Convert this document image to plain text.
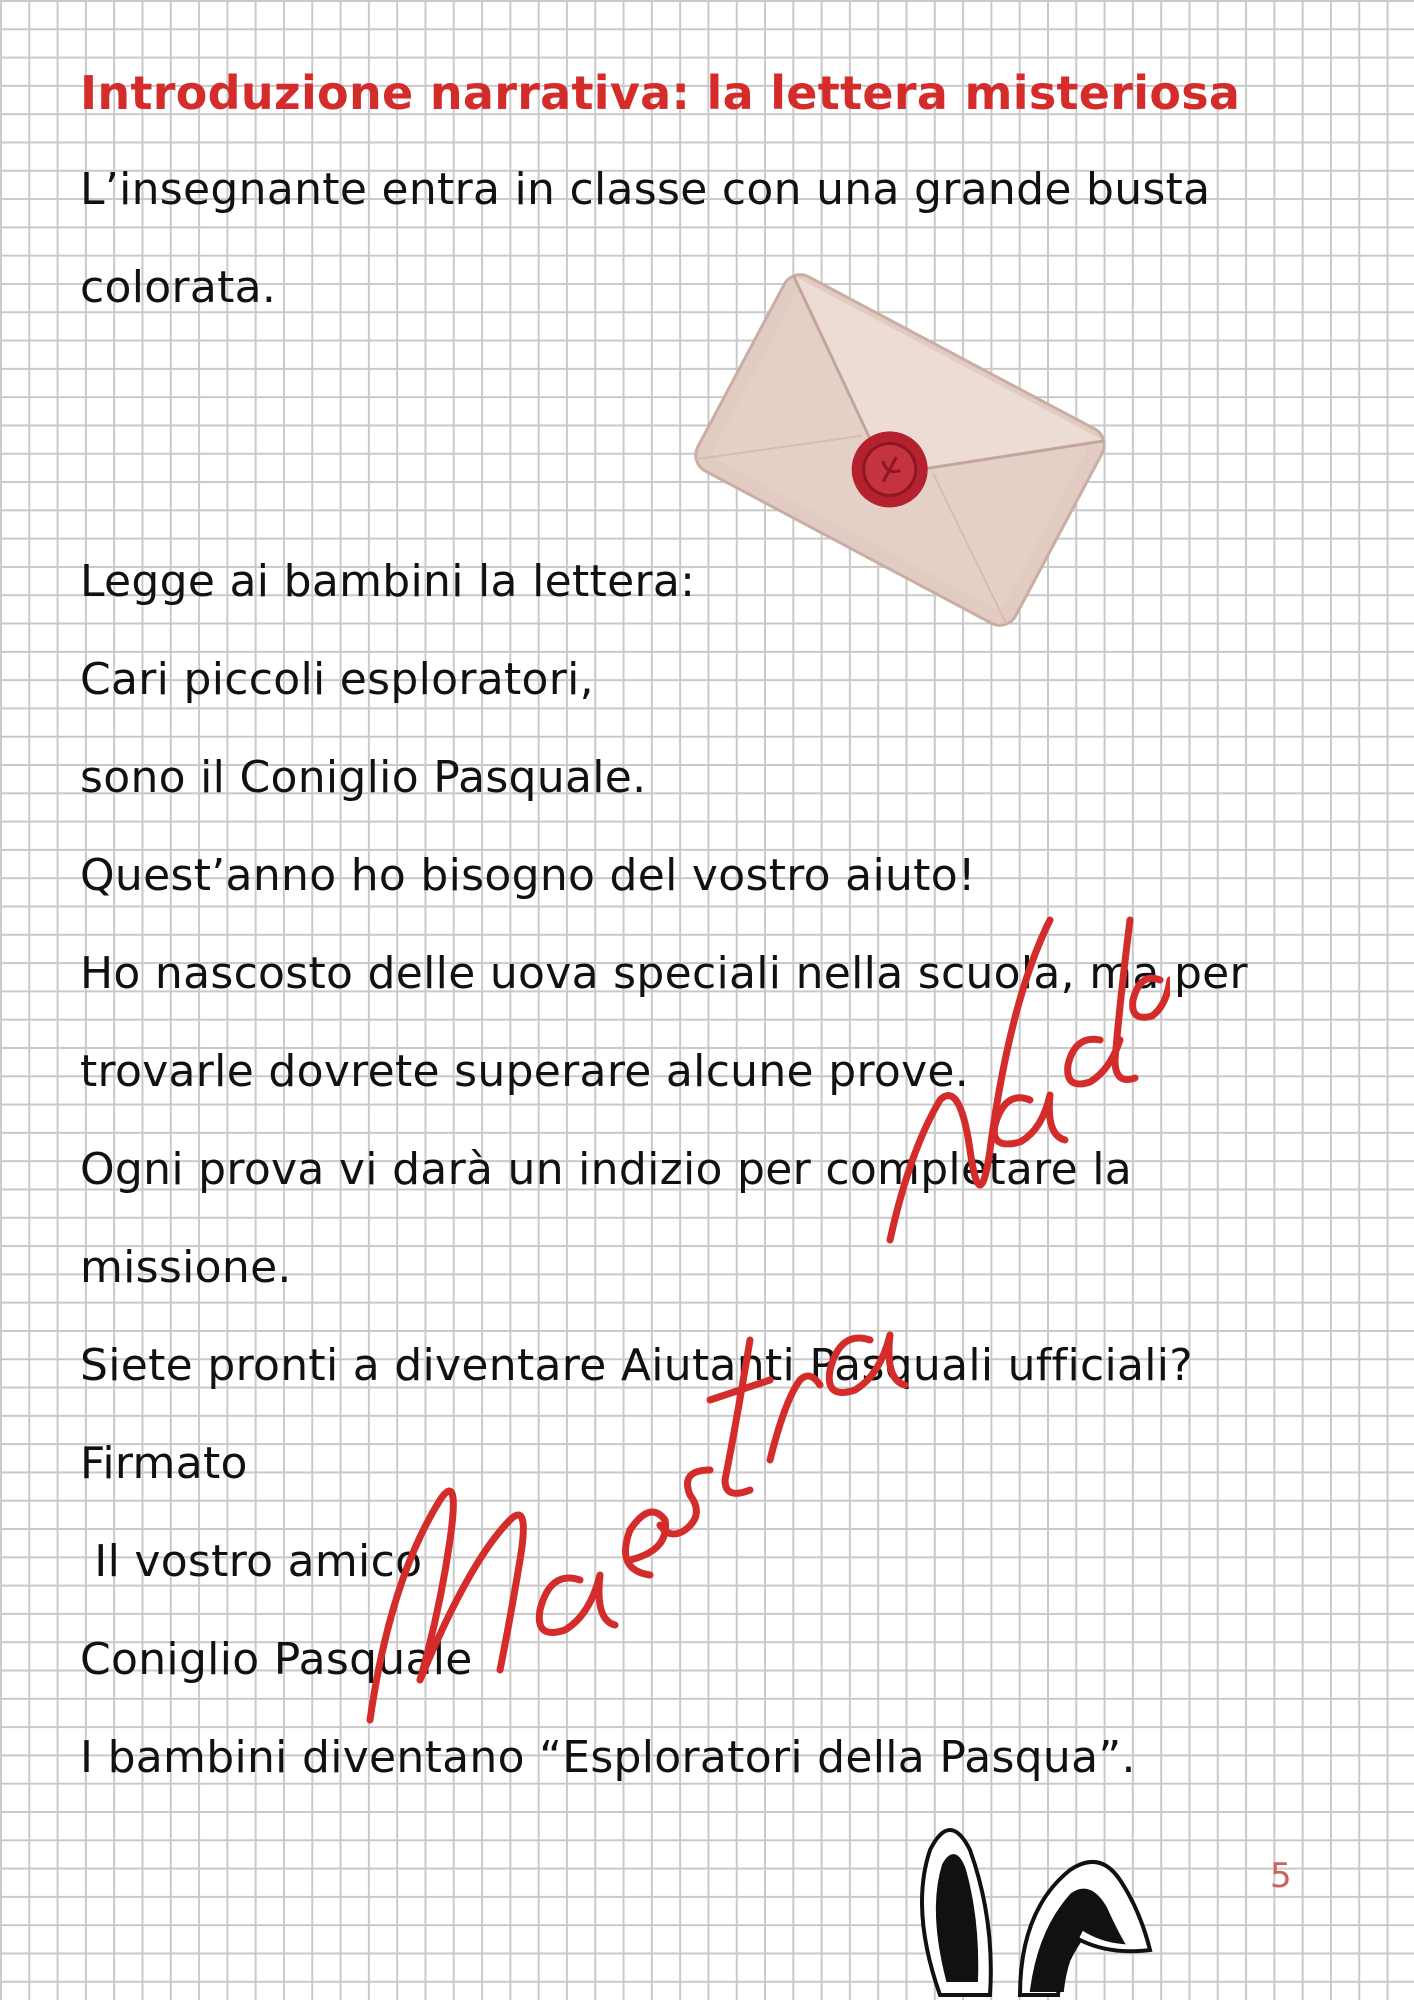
Introduzione narrativa: la lettera misteriosa

L’insegnante entra in classe con una grande busta

colorata.

Legge ai bambini la lettera:

Cari piccoli esploratori,

sono il Coniglio Pasquale.

Quest’anno ho bisogno del vostro aiuto!

Ho nascosto delle uova speciali nella scuola, ma per

trovarle dovrete superare alcune prove.

Ogni prova vi darà un indizio per completare la

missione.

Siete pronti a diventare Aiutanti Pasquali ufficiali?

Firmato

Il vostro amico

Coniglio Pasquale

I bambini diventano “Esploratori della Pasqua”.

5
